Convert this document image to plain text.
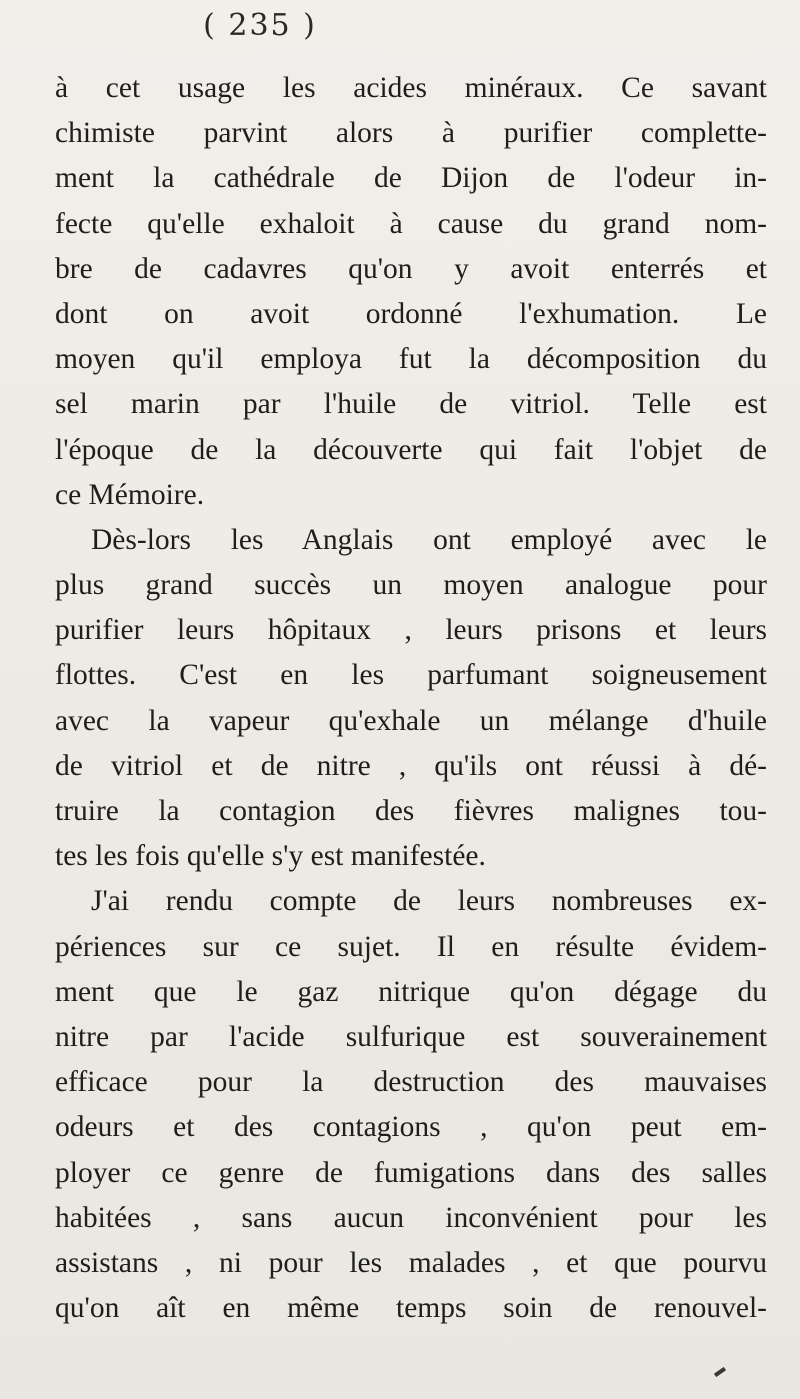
( 235 )
à cet usage les acides minéraux. Ce savant
chimiste parvint alors à purifier complette-
ment la cathédrale de Dijon de l'odeur in-
fecte qu'elle exhaloit à cause du grand nom-
bre de cadavres qu'on y avoit enterrés et
dont on avoit ordonné l'exhumation. Le
moyen qu'il employa fut la décomposition du
sel marin par l'huile de vitriol. Telle est
l'époque de la découverte qui fait l'objet de
ce Mémoire.
Dès-lors les Anglais ont employé avec le
plus grand succès un moyen analogue pour
purifier leurs hôpitaux , leurs prisons et leurs
flottes. C'est en les parfumant soigneusement
avec la vapeur qu'exhale un mélange d'huile
de vitriol et de nitre , qu'ils ont réussi à dé-
truire la contagion des fièvres malignes tou-
tes les fois qu'elle s'y est manifestée.
J'ai rendu compte de leurs nombreuses ex-
périences sur ce sujet. Il en résulte évidem-
ment que le gaz nitrique qu'on dégage du
nitre par l'acide sulfurique est souverainement
efficace pour la destruction des mauvaises
odeurs et des contagions , qu'on peut em-
ployer ce genre de fumigations dans des salles
habitées , sans aucun inconvénient pour les
assistans , ni pour les malades , et que pourvu
qu'on aît en même temps soin de renouvel-
